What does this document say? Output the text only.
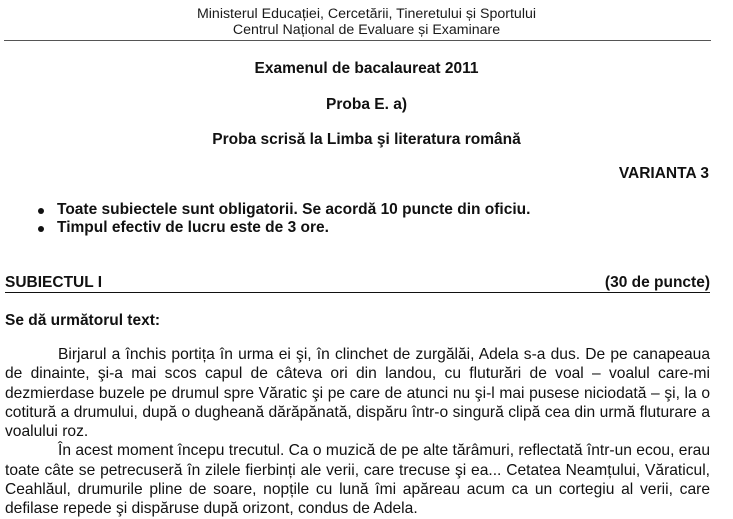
Ministerul Educației, Cercetării, Tineretului și Sportului
Centrul Național de Evaluare și Examinare
Examenul de bacalaureat 2011
Proba E. a)
Proba scrisă la Limba şi literatura română
VARIANTA 3
Toate subiectele sunt obligatorii. Se acordă 10 puncte din oficiu.
Timpul efectiv de lucru este de 3 ore.
SUBIECTUL I	(30 de puncte)
Se dă următorul text:

Birjarul a închis portița în urma ei şi, în clinchet de zurgălăi, Adela s-a dus. De pe canapeaua de dinainte, şi-a mai scos capul de câteva ori din landou, cu fluturări de voal – voalul care-mi dezmierdase buzele pe drumul spre Văratic şi pe care de atunci nu şi-l mai pusese niciodată – şi, la o cotitură a drumului, după o dugheană dărăpănată, dispăru într-o singură clipă cea din urmă fluturare a voalului roz.

În acest moment începu trecutul. Ca o muzică de pe alte tărâmuri, reflectată într-un ecou, erau toate câte se petrecuseră în zilele fierbinți ale verii, care trecuse şi ea... Cetatea Neamțului, Văraticul, Ceahlăul, drumurile pline de soare, nopțile cu lună îmi apăreau acum ca un cortegiu al verii, care defilase repede şi dispăruse după orizont, condus de Adela.
